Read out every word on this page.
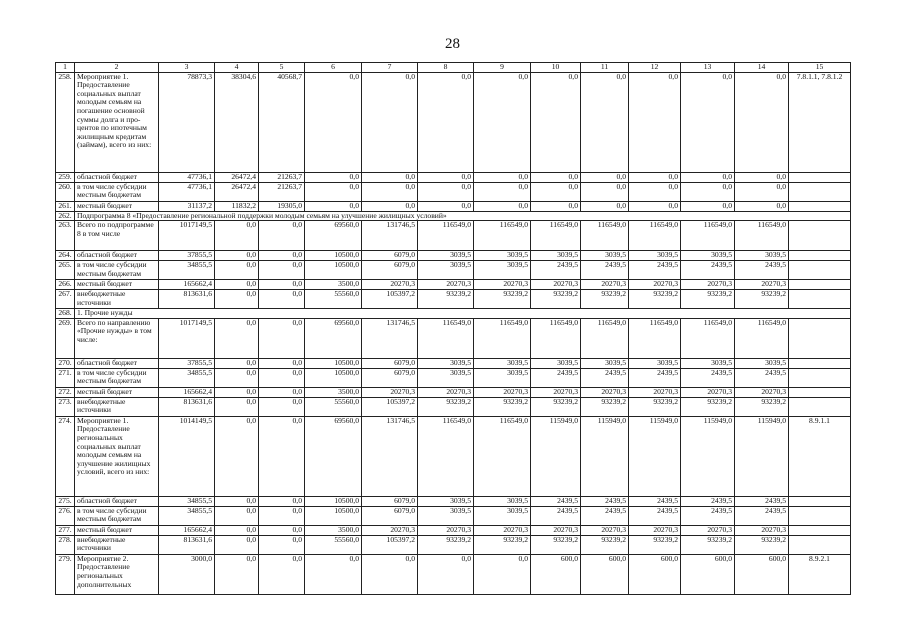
28
1	2	3	4	5	6	7	8	9	10	11	12	13	14	15
258.	Мероприятие 1. Предоставление социальных выплат молодым семьям на погашение основной суммы долга и про-центов по ипотечным жилищным кредитам (займам), всего из них:	78873,3	38304,6	40568,7	0,0	0,0	0,0	0,0	0,0	0,0	0,0	0,0	0,0	7.8.1.1, 7.8.1.2
259.	областной бюджет	47736,1	26472,4	21263,7	0,0	0,0	0,0	0,0	0,0	0,0	0,0	0,0	0,0	
260.	в том числе субсидии местным бюджетам	47736,1	26472,4	21263,7	0,0	0,0	0,0	0,0	0,0	0,0	0,0	0,0	0,0	
261.	местный бюджет	31137,2	11832,2	19305,0	0,0	0,0	0,0	0,0	0,0	0,0	0,0	0,0	0,0	
262.	Подпрограмма 8 «Предоставление региональной поддержки молодым семьям на улучшение жилищных условий»													
263.	Всего по подпрограмме 8 в том числе	1017149,5	0,0	0,0	69560,0	131746,5	116549,0	116549,0	116549,0	116549,0	116549,0	116549,0	116549,0	
264.	областной бюджет	37855,5	0,0	0,0	10500,0	6079,0	3039,5	3039,5	3039,5	3039,5	3039,5	3039,5	3039,5	
265.	в том числе субсидии местным бюджетам	34855,5	0,0	0,0	10500,0	6079,0	3039,5	3039,5	2439,5	2439,5	2439,5	2439,5	2439,5	
266.	местный бюджет	165662,4	0,0	0,0	3500,0	20270,3	20270,3	20270,3	20270,3	20270,3	20270,3	20270,3	20270,3	
267.	внебюджетные источники	813631,6	0,0	0,0	55560,0	105397,2	93239,2	93239,2	93239,2	93239,2	93239,2	93239,2	93239,2	
268.	1. Прочие нужды													
269.	Всего по направлению «Прочие нужды» в том числе:	1017149,5	0,0	0,0	69560,0	131746,5	116549,0	116549,0	116549,0	116549,0	116549,0	116549,0	116549,0	
270.	областной бюджет	37855,5	0,0	0,0	10500,0	6079,0	3039,5	3039,5	3039,5	3039,5	3039,5	3039,5	3039,5	
271.	в том числе субсидии местным бюджетам	34855,5	0,0	0,0	10500,0	6079,0	3039,5	3039,5	2439,5	2439,5	2439,5	2439,5	2439,5	
272.	местный бюджет	165662,4	0,0	0,0	3500,0	20270,3	20270,3	20270,3	20270,3	20270,3	20270,3	20270,3	20270,3	
273.	внебюджетные источники	813631,6	0,0	0,0	55560,0	105397,2	93239,2	93239,2	93239,2	93239,2	93239,2	93239,2	93239,2	
274.	Мероприятие 1. Предоставление региональных социальных выплат молодым семьям на улучшение жилищных условий, всего из них:	1014149,5	0,0	0,0	69560,0	131746,5	116549,0	116549,0	115949,0	115949,0	115949,0	115949,0	115949,0	8.9.1.1
275.	областной бюджет	34855,5	0,0	0,0	10500,0	6079,0	3039,5	3039,5	2439,5	2439,5	2439,5	2439,5	2439,5	
276.	в том числе субсидии местным бюджетам	34855,5	0,0	0,0	10500,0	6079,0	3039,5	3039,5	2439,5	2439,5	2439,5	2439,5	2439,5	
277.	местный бюджет	165662,4	0,0	0,0	3500,0	20270,3	20270,3	20270,3	20270,3	20270,3	20270,3	20270,3	20270,3	
278.	внебюджетные источники	813631,6	0,0	0,0	55560,0	105397,2	93239,2	93239,2	93239,2	93239,2	93239,2	93239,2	93239,2	
279.	Мероприятие 2. Предоставление региональных дополнительных	3000,0	0,0	0,0	0,0	0,0	0,0	0,0	600,0	600,0	600,0	600,0	600,0	8.9.2.1
